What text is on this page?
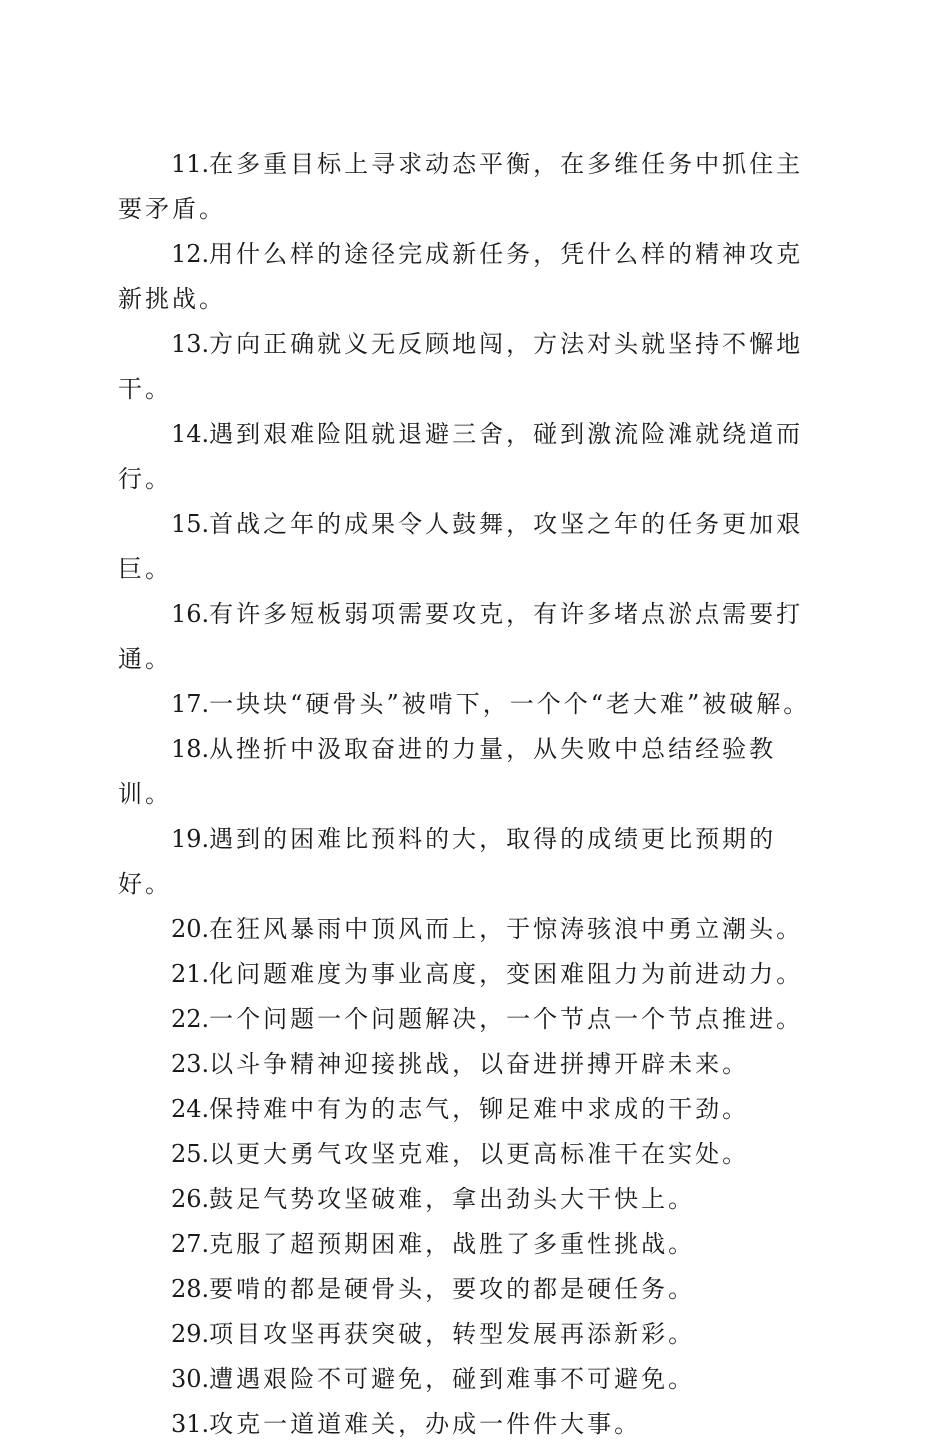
11.在多重目标上寻求动态平衡，在多维任务中抓住主要矛盾。

12.用什么样的途径完成新任务，凭什么样的精神攻克新挑战。

13.方向正确就义无反顾地闯，方法对头就坚持不懈地干。

14.遇到艰难险阻就退避三舍，碰到激流险滩就绕道而行。

15.首战之年的成果令人鼓舞，攻坚之年的任务更加艰巨。

16.有许多短板弱项需要攻克，有许多堵点淤点需要打通。

17.一块块“硬骨头”被啃下，一个个“老大难”被破解。

18.从挫折中汲取奋进的力量，从失败中总结经验教训。

19.遇到的困难比预料的大，取得的成绩更比预期的好。

20.在狂风暴雨中顶风而上，于惊涛骇浪中勇立潮头。

21.化问题难度为事业高度，变困难阻力为前进动力。

22.一个问题一个问题解决，一个节点一个节点推进。

23.以斗争精神迎接挑战，以奋进拼搏开辟未来。

24.保持难中有为的志气，铆足难中求成的干劲。

25.以更大勇气攻坚克难，以更高标准干在实处。

26.鼓足气势攻坚破难，拿出劲头大干快上。

27.克服了超预期困难，战胜了多重性挑战。

28.要啃的都是硬骨头，要攻的都是硬任务。

29.项目攻坚再获突破，转型发展再添新彩。

30.遭遇艰险不可避免，碰到难事不可避免。

31.攻克一道道难关，办成一件件大事。
